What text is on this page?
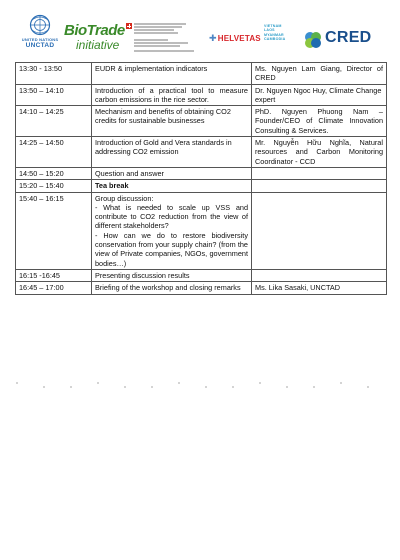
UNITED NATIONS
UNCTAD
BioTrade
initiative	✚HELVETAS
VIETNAM
LAOS
MYANMAR
CAMBODIA	CRED
13:30 - 13:50	EUDR & implementation indicators	Ms. Nguyen Lam Giang, Director of CRED
13:50 – 14:10	Introduction of a practical tool to measure carbon emissions in the rice sector.	Dr. Nguyen Ngoc Huy, Climate Change expert
14:10 – 14:25	Mechanism and benefits of obtaining CO2 credits for sustainable businesses	PhD. Nguyen Phuong Nam – Founder/CEO of Climate Innovation Consulting & Services.
14:25 – 14:50	Introduction of Gold and Vera standards in addressing CO2 emission	Mr. Nguyễn Hữu Nghĩa, Natural resources and Carbon Monitoring Coordinator - CCD
14:50 – 15:20	Question and answer	
15:20 – 15:40	Tea break	
15:40 – 16:15	Group discussion:
- What is needed to scale up VSS and contribute to CO2 reduction from the view of different stakeholders?
- How can we do to restore biodiversity conservation from your supply chain? (from the view of Private companies, NGOs, government bodies…)	
16:15 -16:45	Presenting discussion results	
16:45 – 17:00	Briefing of the workshop and closing remarks	Ms. Lika Sasaki, UNCTAD
